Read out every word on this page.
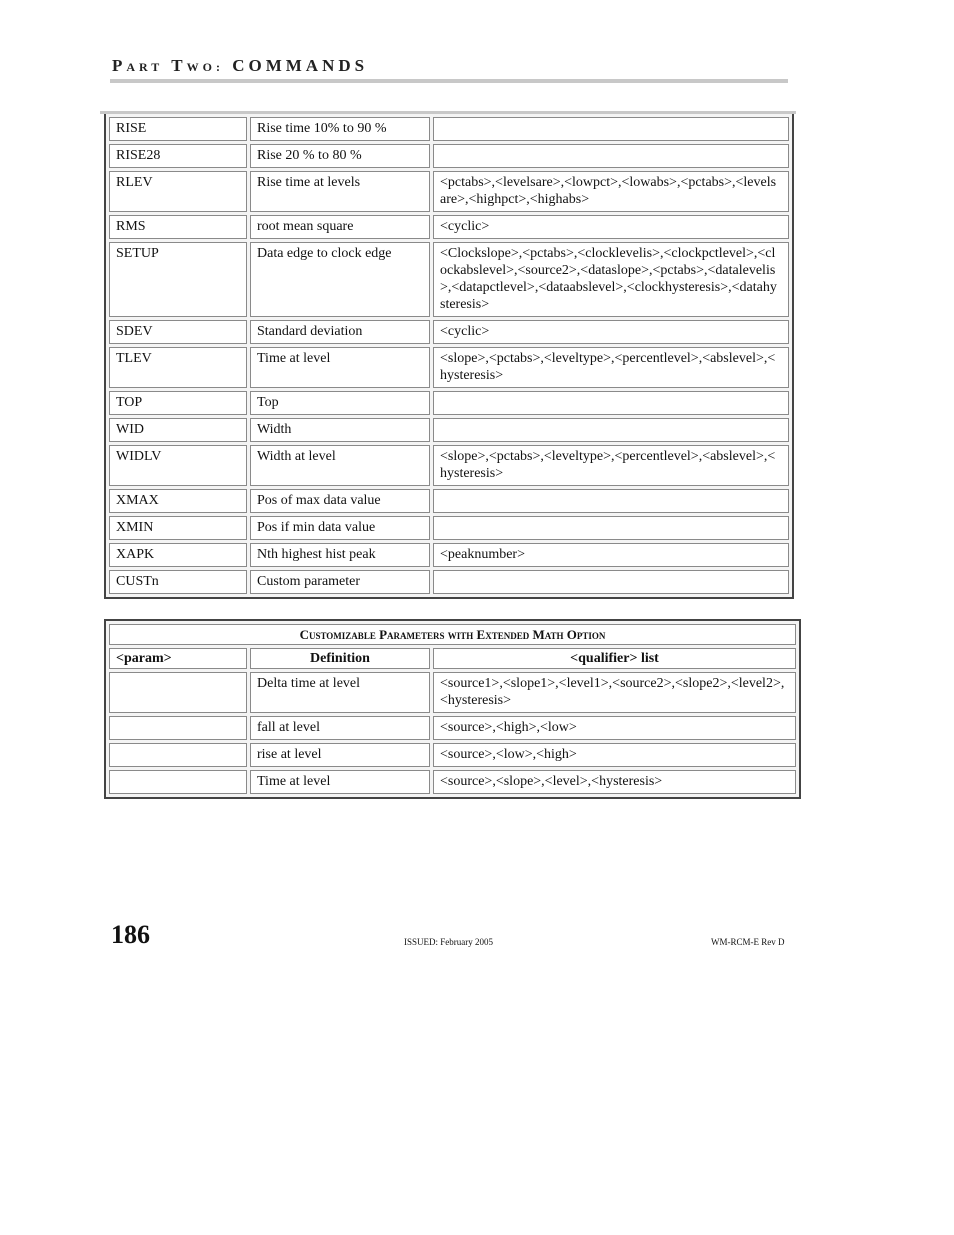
PART TWO: COMMANDS
RISE	Rise time 10% to 90 %	
RISE28	Rise 20 % to 80 %	
RLEV	Rise time at levels	<pctabs>,<levelsare>,<lowpct>,<lowabs>,<pctabs>,<levelsare>,<highpct>,<highabs>
RMS	root mean square	<cyclic>
SETUP	Data edge to clock edge	<Clockslope>,<pctabs>,<clocklevelis>,<clockpctlevel>,<clockabslevel>,<source2>,<dataslope>,<pctabs>,<datalevelis>,<datapctlevel>,<dataabslevel>,<clockhysteresis>,<datahysteresis>
SDEV	Standard deviation	<cyclic>
TLEV	Time at level	<slope>,<pctabs>,<leveltype>,<percentlevel>,<abslevel>,<hysteresis>
TOP	Top	
WID	Width	
WIDLV	Width at level	<slope>,<pctabs>,<leveltype>,<percentlevel>,<abslevel>,<hysteresis>
XMAX	Pos of max data value	
XMIN	Pos if min data value	
XAPK	Nth highest hist peak	<peaknumber>
CUSTn	Custom parameter	
Customizable Parameters with Extended Math Option		
<param>	Definition	<qualifier> list
	Delta time at level	<source1>,<slope1>,<level1>,<source2>,<slope2>,<level2>,
<hysteresis>
	fall at level	<source>,<high>,<low>
	rise at level	<source>,<low>,<high>
	Time at level	<source>,<slope>,<level>,<hysteresis>
186	ISSUED: February 2005	WM-RCM-E Rev D
